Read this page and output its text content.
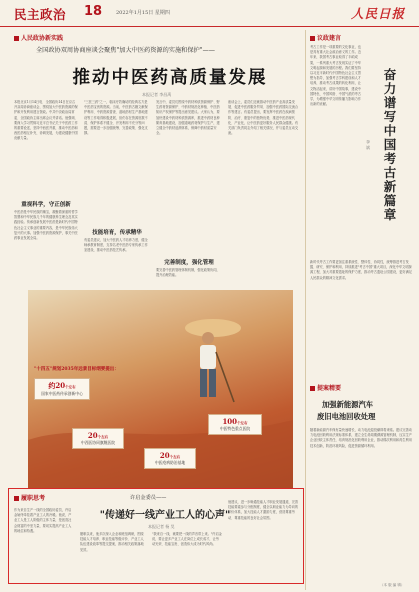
民主政治 18	2022年1月15日 星期四	人民日报
人民政协新实践
全国政协双周协商座谈会聚焦"加大中医药资源的实施和保护"——
推动中医药高质量发展
本报记者 李昌禹
本报北京1月14日电　全国政协14日在京召开双周协商座谈会，围绕加大中医药资源的保护和开发利用建言资政。中共中央政治局常委、全国政协主席出席会议并讲话。他强调，要深入学习贯彻习近平总书记关于中医药工作的重要论述，坚持中西医并重，推动中医药和西医药相互补充、协调发展，为建设健康中国贡献力量。
重视科学，守正创新
中医药是中华民族的瑰宝，凝聚着深邃的哲学智慧和中华民族几千年的健康养生理念及其实践经验。传承创新发展中医药是新时代中国特色社会主义事业的重要内容，是中华民族伟大复兴的大事。加强中医药资源保护，事关中医药事业发展全局。
"三医三药"之一，临床疗效确切的经典名方是中医药宝贵的资源。当前，中医药古籍文献保护利用、中药资源普查、道地药材生产基地建设等工作取得积极进展，但仍存在资源底数不清、保护体系不健全、开发利用不充分等问题，需要进一步加强统筹、完善政策、强化支撑。
技能培育，传承精华
有委员建议，加大中医药人才培养力度，健全师承教育制度，支持名老中医药专家传承工作室建设，推动中医药技艺传承。
发言中，委员们围绕中药材种质资源保护、野生药材资源保护、中药材规范化种植、中医药知识产权保护等提出意见建议。大家认为，要加快建设中药材种质资源库，推进中药材良种繁育基地建设，加强道地药材保护与生产，建立健全中药材追溯体系，保障中药材质量安全。
完善制度，强化管理
要完善中医药管理体制机制，强化政策协同，提升治理效能。
座谈会上，委员们还就推动中医药产业高质量发展、促进中医药服务贸易、加强中医药国际交流合作等建言。有委员提出，要发挥中医药在疾病预防、治疗、康复中的独特优势，推进中医药现代化、产业化，让中医药更好服务人民群众健康。有关部门负责同志介绍了相关情况，并与委员互动交流。
"十四五"规划2035年远景目标纲要提出：
约20个左右
国家中医药传承创新中心
20个左右
中西医协同旗舰医院
20个左右
中医疫病防治基地
100个左右
中医特色重点医院
议政建言
奋力谱写中国考古新篇章
李 斌
考古工作是一项重要的文化事业，也是具有重大社会政治意义的工作。近年来，我国考古事业取得了丰硕成果，一系列重大考古发现实证了中华文明起源和发展的历程。我们要坚持以习近平新时代中国特色社会主义思想为指导，加强考古学科建设和人才培养，推动考古成果的转化利用，让文物活起来，讲好中国故事，建设中国特色、中国风格、中国气派的考古学，为增强中华文明传播力影响力作出新的贡献。
新时代考古工作要更加注重系统性、整体性、协同性，统筹推进考古发掘、研究、保护和利用，持续推进"考古中国"重大项目，深化中华文明探源工程，加大对重要遗址的保护力度，推动考古遗址公园建设，更好满足人民群众的精神文化需求。
提案精要
加强新能源汽车
废旧电池回收处理
随着新能源汽车保有量快速增长，动力电池退役潮即将来临。建议完善动力电池回收利用法规标准体系，建立全生命周期溯源管理机制，压实生产企业回收主体责任，培育规范化回收利用企业，推动梯次利用和再生利用技术创新，防范环境风险，促进资源循环利用。
（本 版 编 辑）
履职思考	许启金委员——
"传递好一线产业工人的心声"
本报记者 杨 昊
作为来自生产一线的全国政协委员，许启金始终牵挂着产业工人的冷暖。他说，产业工人是工人阶级的主体力量，是创造社会财富的中坚力量，要切实提高产业工人的地位和待遇。
履职以来，他多次深入企业和班组调研，围绕技能人才培养、职业技能等级评价、产业工人队伍建设改革等提交提案，推动相关政策落地见效。
"我来自一线，就要把一线的声音带上来。"许启金说，要让更多产业工人在岗位上成长成才，让劳动光荣、技能宝贵、创造伟大成为时代风尚。
他建议，进一步畅通技能人才职业发展通道，完善技能要素参与分配制度，健全以职业能力为导向的评价体系，加大技能人才激励力度，营造尊重劳动、尊重技能的良好社会氛围。
